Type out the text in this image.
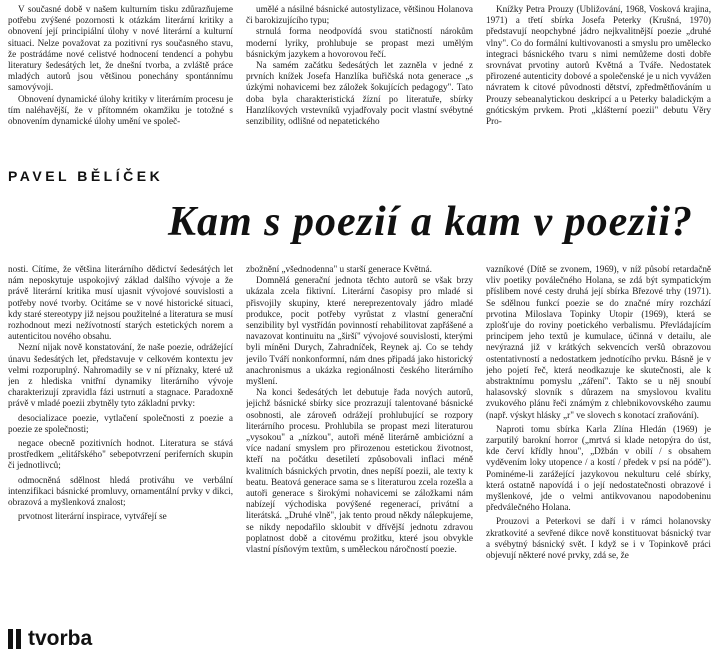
V současné době v našem kulturním tisku zdůrazňujeme potřebu zvýšené pozornosti k otázkám literární kritiky a obnovení její principiální úlohy v nové literární a kulturní situaci. Nelze považovat za pozitivní rys současného stavu, že postrádáme nové celistvé hodnocení tendencí a pohybu literatury šedesátých let, že dnešní tvorba, a zvláště práce mladých autorů jsou většinou ponechány spontánnímu samovývoji.

Obnovení dynamické úlohy kritiky v literárním procesu je tím naléhavější, že v přítomném okamžiku je totožné s obnovením dynamické úlohy umění ve společ-

umělé a násilné básnické autostylizace, většinou Holanova či barokizujícího typu;

strnulá forma neodpovídá svou statičností nárokům moderní lyriky, prohlubuje se propast mezi umělým básnickým jazykem a hovorovou řečí.

Na samém začátku šedesátých let zazněla v jedné z prvních knížek Josefa Hanzlíka buřičská nota generace „s úzkými nohavicemi bez záložek šokujících pedagogy". Tato doba byla charakteristická žízní po literatuře, sbírky Hanzlíkových vrstevníků vyjadřovaly pocit vlastní svébytné senzibility, odlišné od nepatetického

Knížky Petra Prouzy (Ubližování, 1968, Vosková krajina, 1971) a třetí sbírka Josefa Peterky (Krušná, 1970) představují neopchybné jádro nejkvalitnější poezie „druhé vlny". Co do formální kultivovanosti a smyslu pro umělecko integraci básnického tvaru s nimi nemůžeme dosti dobře srovnávat prvotiny autorů Květná a Tváře. Nedostatek přirozené autenticity dobové a společenské je u nich vyvážen návratem k citové původnosti dětství, zpředmětňováním u Prouzy sebeanalytickou deskripcí a u Peterky baladickým a gnóticským prvkem. Proti „klášterní poezii" debutu Věry Pro-

PAVEL BĚLÍČEK
Kam s poezií a kam v poezii?

nosti. Cítíme, že většina literárního dědictví šedesátých let nám neposkytuje uspokojivý základ dalšího vývoje a že právě literární kritika musí ujasnit vývojové souvislosti a potřeby nové tvorby. Ocitáme se v nové historické situaci, kdy staré stereotypy již nejsou použitelné a literatura se musí rozhodnout mezi nežívotností starých estetických norem a autenticitou nového obsahu.

Nezní nijak nově konstatování, že naše poezie, odrážející únavu šedesátých let, představuje v celkovém kontextu jev velmi rozporuplný. Nahromadily se v ní příznaky, které už jen z hlediska vnitřní dynamiky literárního vývoje charakterizují zpravidla fázi ustrnutí a stagnace. Paradoxně právě v mladé poezii zbytněly tyto základní prvky:

desocializace poezie, vytlačení společnosti z poezie a poezie ze společnosti;

negace obecně pozitivních hodnot. Literatura se stává prostředkem „elitářského" sebepotvrzení periferních skupin či jednotlivců;

odmocněná sdělnost hledá protiváhu ve verbální intenzifikaci básnické promluvy, ornamentální prvky v dikci, obrazová a myšlenková znalost;

prvotnost literární inspirace, vytvářejí se

zbožnění „všednodenna" u starší generace Květná.

Domnělá generační jednota těchto autorů se však brzy ukázala zcela fiktivní. Literární časopisy pro mladé si přisvojily skupiny, které nereprezentovaly jádro mladé produkce, pocit potřeby vyrůstat z vlastní generační senzibility byl vystřídán povinností rehabilitovat zapřášené a navazovat kontinuitu na „širší" vývojové souvislosti, kterými byli míněni Durych, Zahradníček, Reynek aj. Co se tehdy jevilo Tváří nonkonformní, nám dnes připadá jako historický anachronismus a ukázka regionálnosti českého literárního myšlení.

Na konci šedesátých let debutuje řada nových autorů, jejichž básnické sbírky sice prozrazují talentované básnické osobnosti, ale zároveň odrážejí prohlubující se rozpory literárního procesu. Prohlubila se propast mezi literaturou „vysokou" a „nízkou", autoři méně literárně ambiciózní a více nadaní smyslem pro přirozenou estetickou životnost, kteří na počátku desetiletí způsobovali inflaci méně kvalitních básnických prvotin, dnes nepíší poezii, ale texty k beatu. Beatová generace sama se s literaturou zcela rozešla a autoři generace s širokými nohavicemi se záložkami nám nabízejí východiska povýšené regenerací, privátní a literátská. „Druhé vlně", jak tento proud někdy nálepkujeme, se nikdy nepodařilo skloubit v dřívější jednotu zdravou poplatnost době a citovému prožitku, které jsou obvykle vlastní písňovým textům, s uměleckou náročností poezie.

vazníkové (Dítě se zvonem, 1969), v níž působí retardačně vliv poetiky poválečného Holana, se zdá být sympatickým příslibem nové cesty druhá její sbírka Březové trhy (1971). Se sdělnou funkcí poezie se do značné míry rozchází prvotina Miloslava Topinky Utopir (1969), která se zplošťuje do roviny poetického verbalismu. Převládajícím principem jeho textů je kumulace, účinná v detailu, ale nevýrazná již v krátkých sekvencích veršů obrazovou ostentativností a nedostatkem jednotícího prvku. Básně je v jeho pojetí řeč, která neodkazuje ke skutečnosti, ale k abstraktnímu pomyslu „záření". Takto se u něj snoubí halasovský slovník s důrazem na smyslovou kvalitu zvukového plánu řeči známým z chlebnikovovského zaumu (např. výskyt hlásky „r" ve slovech s konotací zraňování).

Naproti tomu sbírka Karla Zlína Hledán (1969) je zarputilý barokní horror („mrtvá si klade netopýra do úst, kde červí křídly hnou", „Džbán v obilí / s obsahem vyděvením loky utopence / a kostí / předek v psí na pódě"). Pominéme-li zarážející jazykovou nekulturu celé sbírky, která ostatně napovídá i o její nedostatečnosti obrazové i myšlenkové, jde o velmi antikvovanou napodobeninu předválečného Holana.

Prouzovi a Peterkovi se daří i v rámci holanovsky zkratkovité a sevřené dikce nově konstituovat básnický tvar a svébytný básnický svět. I když se i v Topinkově práci objevují některé nové prvky, zdá se, že

tvorba
